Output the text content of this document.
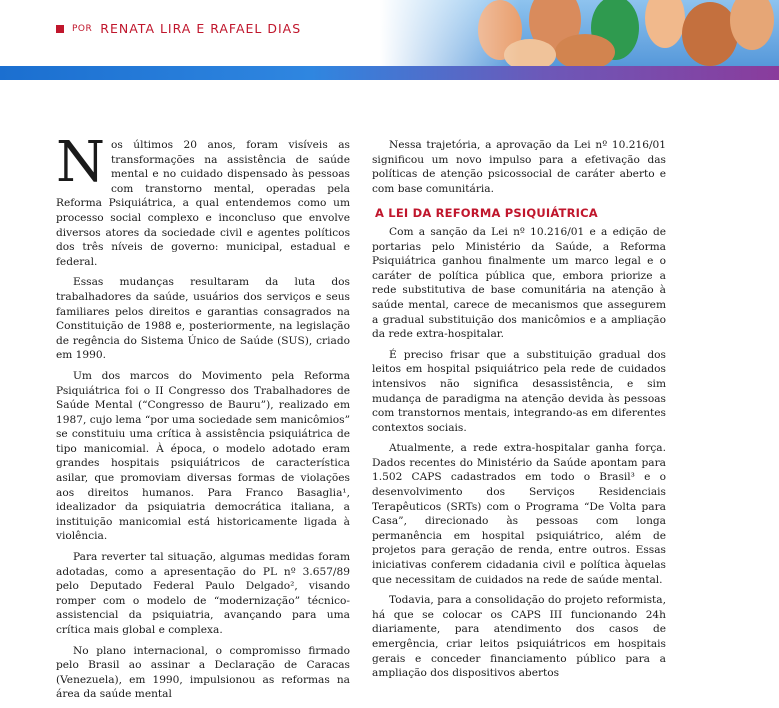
POR RENATA LIRA E RAFAEL DIAS

Nos últimos 20 anos, foram visíveis as transformações na assistência de saúde mental e no cuidado dispensado às pessoas com transtorno mental, operadas pela Reforma Psiquiátrica, a qual entendemos como um processo social complexo e inconcluso que envolve diversos atores da sociedade civil e agentes políticos dos três níveis de governo: municipal, estadual e federal.

Essas mudanças resultaram da luta dos trabalhadores da saúde, usuários dos serviços e seus familiares pelos direitos e garantias consagrados na Constituição de 1988 e, posteriormente, na legislação de regência do Sistema Único de Saúde (SUS), criado em 1990.

Um dos marcos do Movimento pela Reforma Psiquiátrica foi o II Congresso dos Trabalhadores de Saúde Mental (“Congresso de Bauru”), realizado em 1987, cujo lema “por uma sociedade sem manicômios” se constituiu uma crítica à assistência psiquiátrica de tipo manicomial. À época, o modelo adotado eram grandes hospitais psiquiátricos de característica asilar, que promoviam diversas formas de violações aos direitos humanos. Para Franco Basaglia¹, idealizador da psiquiatria democrática italiana, a instituição manicomial está historicamente ligada à violência.

Para reverter tal situação, algumas medidas foram adotadas, como a apresentação do PL nº 3.657/89 pelo Deputado Federal Paulo Delgado², visando romper com o modelo de “modernização” técnico-assistencial da psiquiatria, avançando para uma crítica mais global e complexa.

No plano internacional, o compromisso firmado pelo Brasil ao assinar a Declaração de Caracas (Venezuela), em 1990, impulsionou as reformas na área da saúde mental

Nessa trajetória, a aprovação da Lei nº 10.216/01 significou um novo impulso para a efetivação das políticas de atenção psicossocial de caráter aberto e com base comunitária.

A LEI DA REFORMA PSIQUIÁTRICA

Com a sanção da Lei nº 10.216/01 e a edição de portarias pelo Ministério da Saúde, a Reforma Psiquiátrica ganhou finalmente um marco legal e o caráter de política pública que, embora priorize a rede substitutiva de base comunitária na atenção à saúde mental, carece de mecanismos que assegurem a gradual substituição dos manicômios e a ampliação da rede extra-hospitalar.

É preciso frisar que a substituição gradual dos leitos em hospital psiquiátrico pela rede de cuidados intensivos não significa desassistência, e sim mudança de paradigma na atenção devida às pessoas com transtornos mentais, integrando-as em diferentes contextos sociais.

Atualmente, a rede extra-hospitalar ganha força. Dados recentes do Ministério da Saúde apontam para 1.502 CAPS cadastrados em todo o Brasil³ e o desenvolvimento dos Serviços Residenciais Terapêuticos (SRTs) com o Programa “De Volta para Casa”, direcionado às pessoas com longa permanência em hospital psiquiátrico, além de projetos para geração de renda, entre outros. Essas iniciativas conferem cidadania civil e política àquelas que necessitam de cuidados na rede de saúde mental.

Todavia, para a consolidação do projeto reformista, há que se colocar os CAPS III funcionando 24h diariamente, para atendimento dos casos de emergência, criar leitos psiquiátricos em hospitais gerais e conceder financiamento público para a ampliação dos dispositivos abertos
